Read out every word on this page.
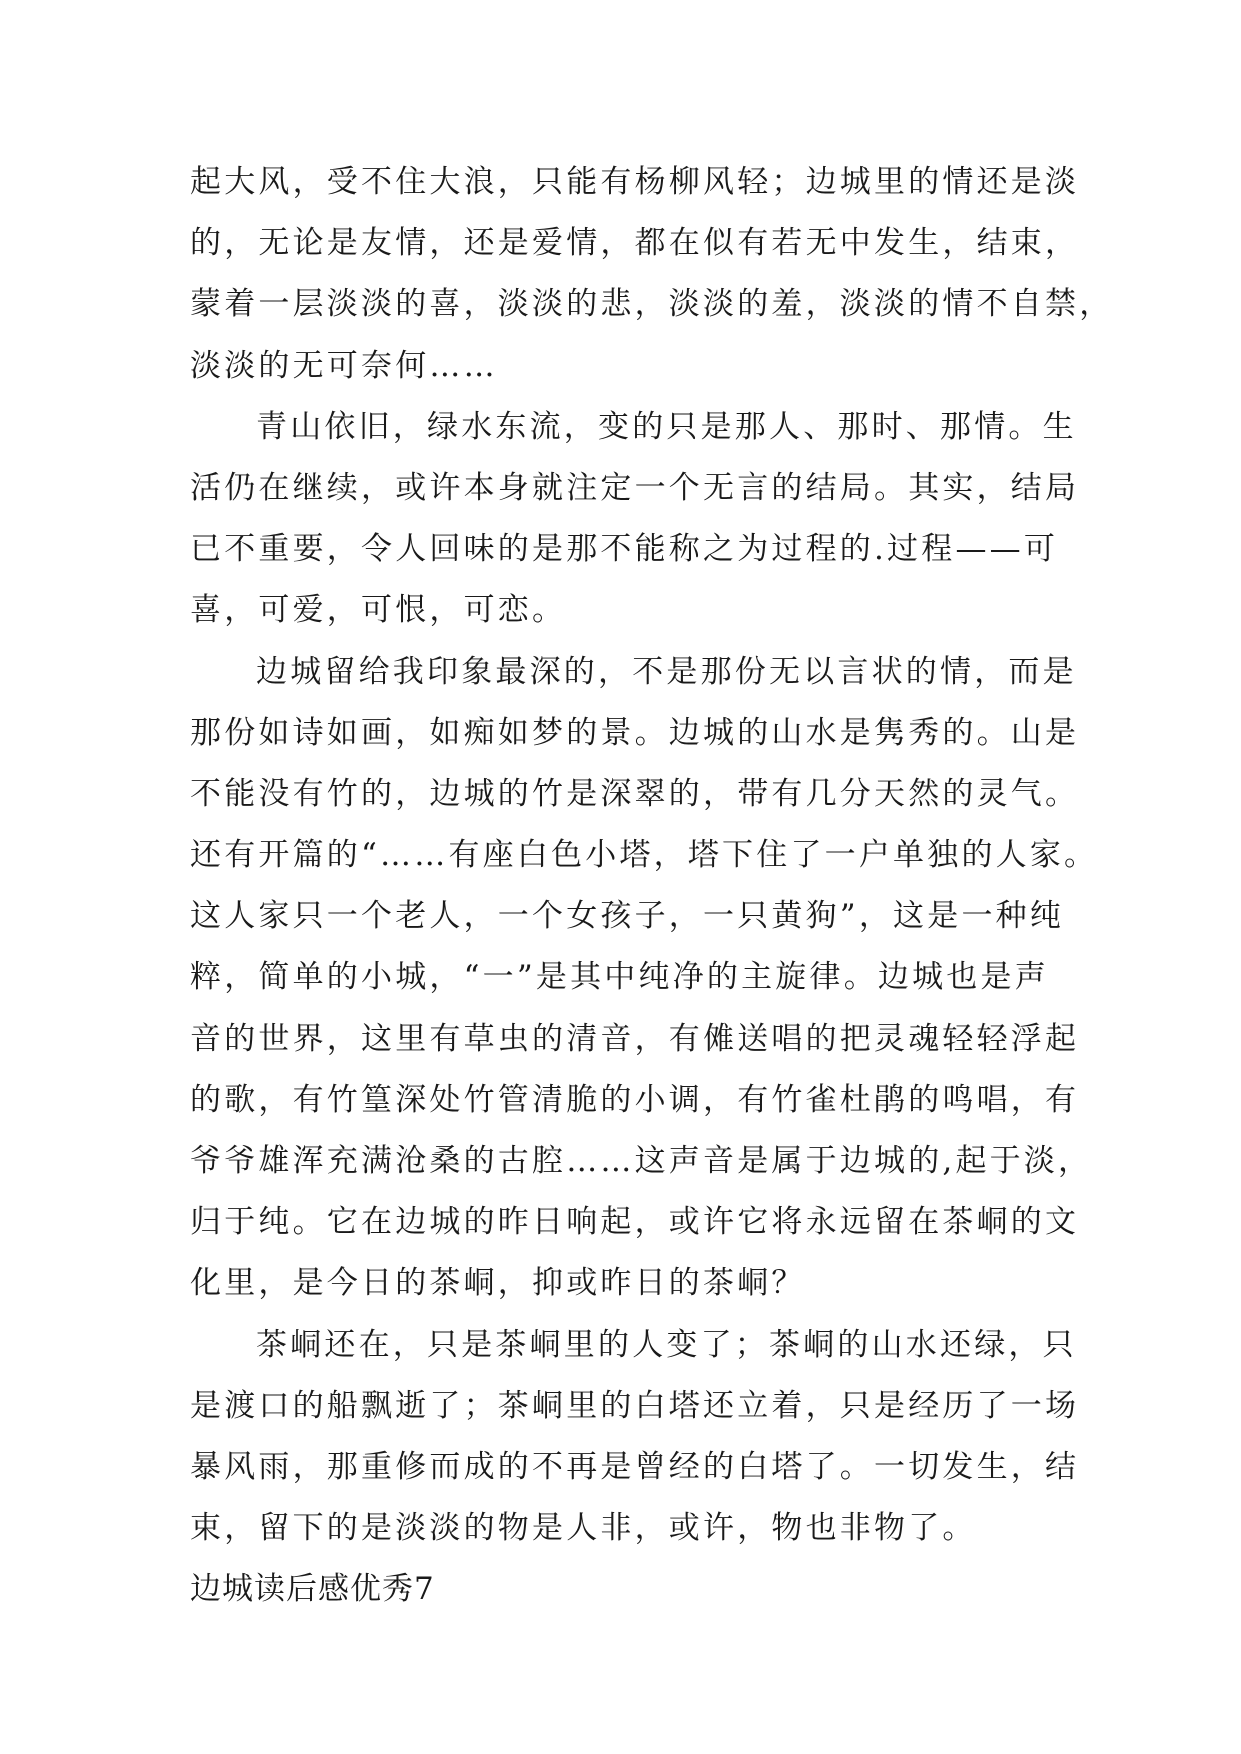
起大风，受不住大浪，只能有杨柳风轻；边城里的情还是淡
的，无论是友情，还是爱情，都在似有若无中发生，结束，
蒙着一层淡淡的喜，淡淡的悲，淡淡的羞，淡淡的情不自禁，
淡淡的无可奈何……
青山依旧，绿水东流，变的只是那人、那时、那情。生
活仍在继续，或许本身就注定一个无言的结局。其实，结局
已不重要，令人回味的是那不能称之为过程的.过程——可
喜，可爱，可恨，可恋。
边城留给我印象最深的，不是那份无以言状的情，而是
那份如诗如画，如痴如梦的景。边城的山水是隽秀的。山是
不能没有竹的，边城的竹是深翠的，带有几分天然的灵气。
还有开篇的“……有座白色小塔，塔下住了一户单独的人家。
这人家只一个老人，一个女孩子，一只黄狗”，这是一种纯
粹，简单的小城，“一”是其中纯净的主旋律。边城也是声
音的世界，这里有草虫的清音，有傩送唱的把灵魂轻轻浮起
的歌，有竹篁深处竹管清脆的小调，有竹雀杜鹃的鸣唱，有
爷爷雄浑充满沧桑的古腔……这声音是属于边城的,起于淡，
归于纯。它在边城的昨日响起，或许它将永远留在茶峒的文
化里，是今日的茶峒，抑或昨日的茶峒？
茶峒还在，只是茶峒里的人变了；茶峒的山水还绿，只
是渡口的船飘逝了；茶峒里的白塔还立着，只是经历了一场
暴风雨，那重修而成的不再是曾经的白塔了。一切发生，结
束，留下的是淡淡的物是人非，或许，物也非物了。
边城读后感优秀7
